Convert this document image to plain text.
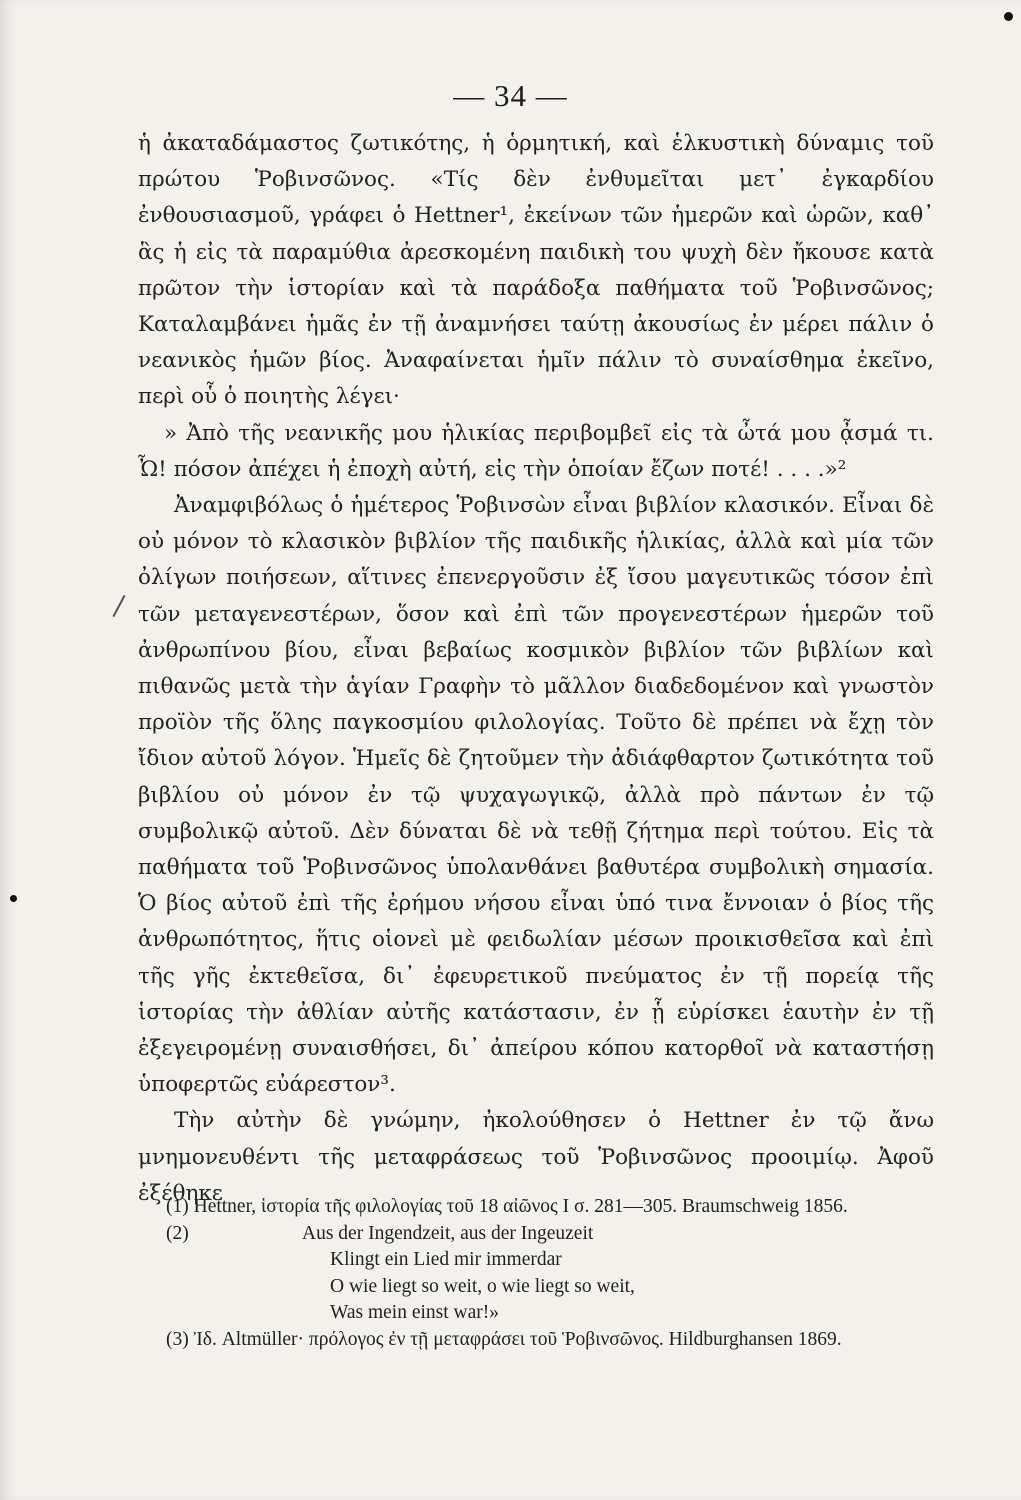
— 34 —

ἡ ἀκαταδάμαστος ζωτικότης, ἡ ὁρμητική, καὶ ἑλκυστικὴ δύναμις τοῦ πρώτου Ῥοβινσῶνος. «Τίς δὲν ἐνθυμεῖται μετ᾽ ἐγκαρδίου ἐνθουσιασμοῦ, γράφει ὁ Hettner¹, ἐκείνων τῶν ἡμερῶν καὶ ὡρῶν, καθ᾽ ἃς ἡ εἰς τὰ παραμύθια ἀρεσκομένη παιδικὴ του ψυχὴ δὲν ἤκουσε κατὰ πρῶτον τὴν ἱστορίαν καὶ τὰ παράδοξα παθήματα τοῦ Ῥοβινσῶνος; Καταλαμβάνει ἡμᾶς ἐν τῇ ἀναμνήσει ταύτῃ ἀκουσίως ἐν μέρει πάλιν ὁ νεανικὸς ἡμῶν βίος. Ἀναφαίνεται ἡμῖν πάλιν τὸ συναίσθημα ἐκεῖνο, περὶ οὗ ὁ ποιητὴς λέγει·

» Ἀπὸ τῆς νεανικῆς μου ἡλικίας περιβομβεῖ εἰς τὰ ὦτά μου ᾆσμά τι. Ὦ! πόσον ἀπέχει ἡ ἐποχὴ αὐτή, εἰς τὴν ὁποίαν ἔζων ποτέ! . . . .»²

Ἀναμφιβόλως ὁ ἡμέτερος Ῥοβινσὼν εἶναι βιβλίον κλασικόν. Εἶναι δὲ οὐ μόνον τὸ κλασικὸν βιβλίον τῆς παιδικῆς ἡλικίας, ἀλλὰ καὶ μία τῶν ὀλίγων ποιήσεων, αἵτινες ἐπενεργοῦσιν ἐξ ἴσου μαγευτικῶς τόσον ἐπὶ τῶν μεταγενεστέρων, ὅσον καὶ ἐπὶ τῶν προγενεστέρων ἡμερῶν τοῦ ἀνθρωπίνου βίου, εἶναι βεβαίως κοσμικὸν βιβλίον τῶν βιβλίων καὶ πιθανῶς μετὰ τὴν ἁγίαν Γραφὴν τὸ μᾶλλον διαδεδομένον καὶ γνωστὸν προϊὸν τῆς ὅλης παγκοσμίου φιλολογίας. Τοῦτο δὲ πρέπει νὰ ἔχῃ τὸν ἴδιον αὐτοῦ λόγον. Ἡμεῖς δὲ ζητοῦμεν τὴν ἀδιάφθαρτον ζωτικότητα τοῦ βιβλίου οὐ μόνον ἐν τῷ ψυχαγωγικῷ, ἀλλὰ πρὸ πάντων ἐν τῷ συμβολικῷ αὐτοῦ. Δὲν δύναται δὲ νὰ τεθῇ ζήτημα περὶ τούτου. Εἰς τὰ παθήματα τοῦ Ῥοβινσῶνος ὑπολανθάνει βαθυτέρα συμβολικὴ σημασία. Ὁ βίος αὐτοῦ ἐπὶ τῆς ἐρήμου νήσου εἶναι ὑπό τινα ἔννοιαν ὁ βίος τῆς ἀνθρωπότητος, ἥτις οἱονεὶ μὲ φειδωλίαν μέσων προικισθεῖσα καὶ ἐπὶ τῆς γῆς ἐκτεθεῖσα, δι᾽ ἐφευρετικοῦ πνεύματος ἐν τῇ πορείᾳ τῆς ἱστορίας τὴν ἀθλίαν αὐτῆς κατάστασιν, ἐν ᾗ εὑρίσκει ἑαυτὴν ἐν τῇ ἐξεγειρομένῃ συναισθήσει, δι᾽ ἀπείρου κόπου κατορθοῖ νὰ καταστήσῃ ὑποφερτῶς εὐάρεστον³.

Τὴν αὐτὴν δὲ γνώμην, ἠκολούθησεν ὁ Hettner ἐν τῷ ἄνω μνημονευθέντι τῆς μεταφράσεως τοῦ Ῥοβινσῶνος προοιμίῳ. Ἀφοῦ ἐξέθηκε

(1) Hettner, ἱστορία τῆς φιλολογίας τοῦ 18 αἰῶνος I σ. 281—305. Braumschweig 1856.

(2)	Aus der Ingendzeit, aus der Ingeuzeit
Klingt ein Lied mir immerdar
O wie liegt so weit, o wie liegt so weit,
Was mein einst war!»

(3) Ἰδ. Altmüller· πρόλογος ἐν τῇ μεταφράσει τοῦ Ῥοβινσῶνος. Hildburghansen 1869.
